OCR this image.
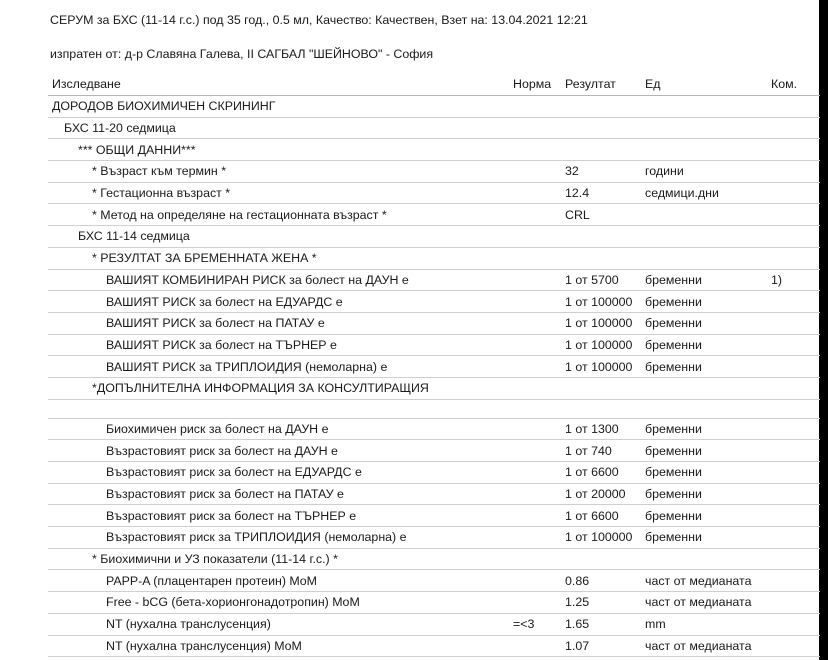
СЕРУМ за БХС (11-14 г.с.) под 35 год., 0.5 мл, Качество: Качествен, Взет на: 13.04.2021 12:21
изпратен от: д-р Славяна Галева, II САГБАЛ "ШЕЙНОВО" - София
Изследване	Норма	Резултат	Ед	Ком.
ДОРОДОВ БИОХИМИЧЕН СКРИНИНГ				
БХС 11-20 седмица				
*** ОБЩИ ДАННИ***				
* Възраст към термин *		32	години	
* Гестационна възраст *		12.4	седмици.дни	
* Метод на определяне на гестационната възраст *		CRL		
БХС 11-14 седмица				
* РЕЗУЛТАТ ЗА БРЕМЕННАТА ЖЕНА *				
ВАШИЯТ КОМБИНИРАН РИСК за болест на ДАУН е		1 от 5700	бременни	1)
ВАШИЯТ РИСК за болест на ЕДУАРДС е		1 от 100000	бременни	
ВАШИЯТ РИСК за болест на ПАТАУ е		1 от 100000	бременни	
ВАШИЯТ РИСК за болест на ТЪРНЕР е		1 от 100000	бременни	
ВАШИЯТ РИСК за ТРИПЛОИДИЯ (немоларна) е		1 от 100000	бременни	
*ДОПЪЛНИТЕЛНА ИНФОРМАЦИЯ ЗА КОНСУЛТИРАЩИЯ				

Биохимичен риск за болест на ДАУН е		1 от 1300	бременни	
Възрастовият риск за болест на ДАУН е		1 от 740	бременни	
Възрастовият риск за болест на ЕДУАРДС е		1 от 6600	бременни	
Възрастовият риск за болест на ПАТАУ е		1 от 20000	бременни	
Възрастовият риск за болест на ТЪРНЕР е		1 от 6600	бременни	
Възрастовият риск за ТРИПЛОИДИЯ (немоларна) е		1 от 100000	бременни	
* Биохимични и УЗ показатели (11-14 г.с.) *				
PAPP-A (плацентарен протеин) MoM		0.86	част от медианата	
Free - bCG (бета-хорионгонадотропин) MoM		1.25	част от медианата	
NT (нухална транслусенция)	=<3	1.65	mm	
NT (нухална транслусенция) MoM		1.07	част от медианата	
